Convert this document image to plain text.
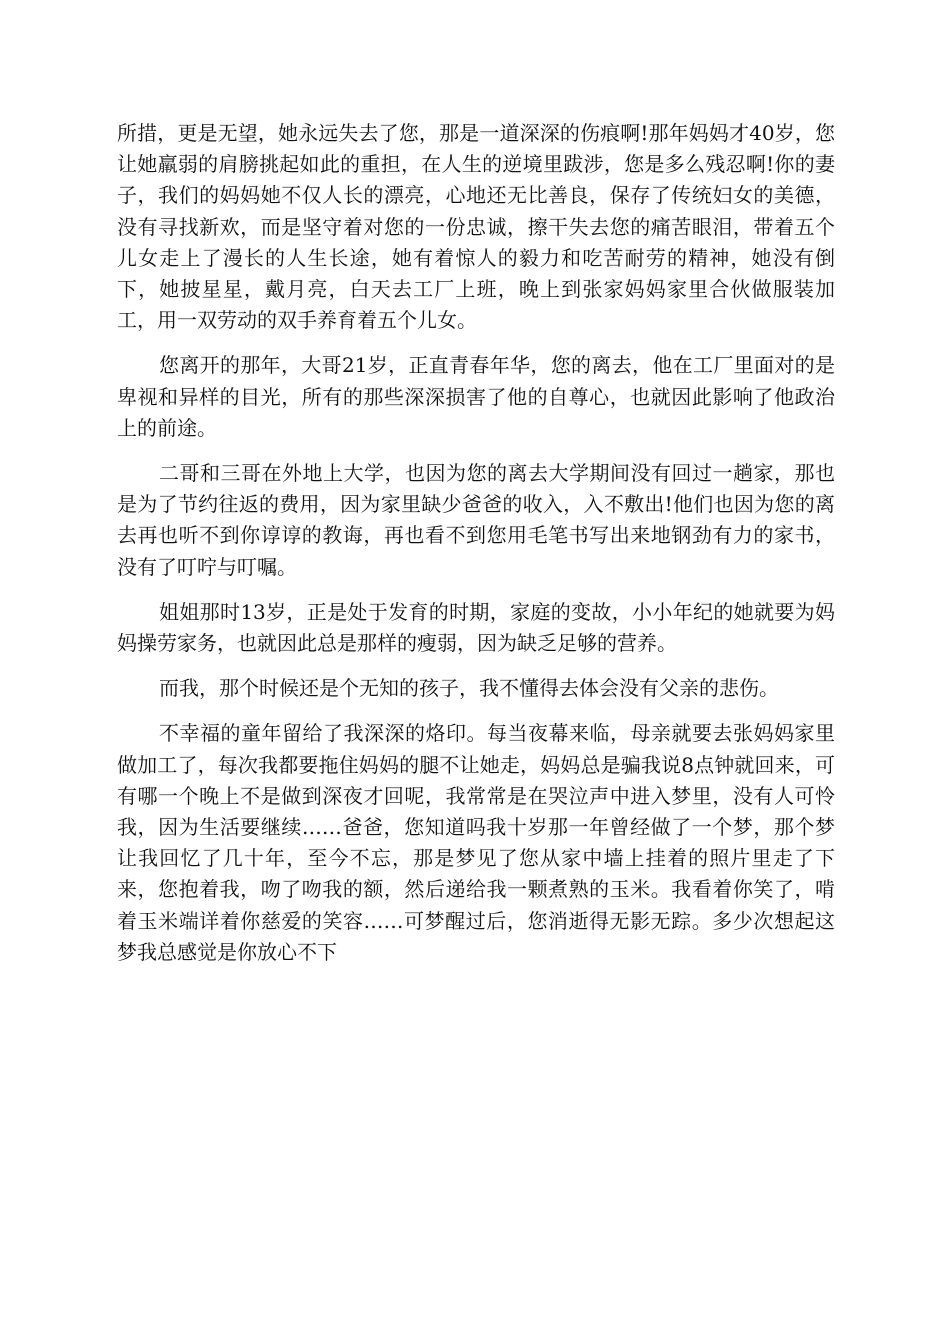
所措，更是无望，她永远失去了您，那是一道深深的伤痕啊!那年妈妈才40岁，您让她羸弱的肩膀挑起如此的重担，在人生的逆境里跋涉，您是多么残忍啊!你的妻子，我们的妈妈她不仅人长的漂亮，心地还无比善良，保存了传统妇女的美德，没有寻找新欢，而是坚守着对您的一份忠诚，擦干失去您的痛苦眼泪，带着五个儿女走上了漫长的人生长途，她有着惊人的毅力和吃苦耐劳的精神，她没有倒下，她披星星，戴月亮，白天去工厂上班，晚上到张家妈妈家里合伙做服装加工，用一双劳动的双手养育着五个儿女。

您离开的那年，大哥21岁，正直青春年华，您的离去，他在工厂里面对的是卑视和异样的目光，所有的那些深深损害了他的自尊心，也就因此影响了他政治上的前途。

二哥和三哥在外地上大学，也因为您的离去大学期间没有回过一趟家，那也是为了节约往返的费用，因为家里缺少爸爸的收入，入不敷出!他们也因为您的离去再也听不到你谆谆的教诲，再也看不到您用毛笔书写出来地钢劲有力的家书，没有了叮咛与叮嘱。

姐姐那时13岁，正是处于发育的时期，家庭的变故，小小年纪的她就要为妈妈操劳家务，也就因此总是那样的瘦弱，因为缺乏足够的营养。

而我，那个时候还是个无知的孩子，我不懂得去体会没有父亲的悲伤。

不幸福的童年留给了我深深的烙印。每当夜幕来临，母亲就要去张妈妈家里做加工了，每次我都要拖住妈妈的腿不让她走，妈妈总是骗我说8点钟就回来，可有哪一个晚上不是做到深夜才回呢，我常常是在哭泣声中进入梦里，没有人可怜我，因为生活要继续……爸爸，您知道吗我十岁那一年曾经做了一个梦，那个梦让我回忆了几十年，至今不忘，那是梦见了您从家中墙上挂着的照片里走了下来，您抱着我，吻了吻我的额，然后递给我一颗煮熟的玉米。我看着你笑了，啃着玉米端详着你慈爱的笑容……可梦醒过后，您消逝得无影无踪。多少次想起这梦我总感觉是你放心不下
